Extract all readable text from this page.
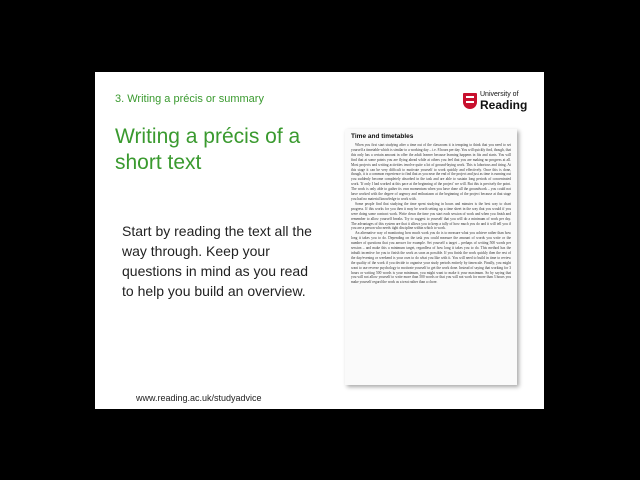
3. Writing a précis or summary	University of
Reading
Writing a précis of a short text
Start by reading the text all the way through. Keep your questions in mind as you read to help you build an overview.
Time and timetables

When you first start studying after a time out of the classroom it is tempting to think that you need to set yourself a timetable which is similar to a working day – i.e. 8 hours per day. You will quickly find, though, that this only has a certain amount in offer the adult learner because learning happens in fits and starts. You will find that at some points you are flying ahead while at others you feel that you are making no progress at all. Most projects and writing activities involve quite a lot of ground-laying work. This is laborious and tiring. At this stage it can be very difficult to motivate yourself to work quickly and effectively. Once this is done, though, it is a common experience to find that as you near the end of the project and just as time is running out you suddenly become completely absorbed in the task and are able to sustain long periods of concentrated work. 'If only I had worked at this pace at the beginning of the project' we will. But this is precisely the point. The work is only able to gather its own momentum when you have done all the groundwork – you could not have worked with the degree of urgency and enthusiasm at the beginning of the project because at that stage you had no material knowledge to work with.

Some people find that studying the time spent studying in hours and minutes is the best way to chart progress. If this works for you then it may be worth setting up a time sheet in the way that you would if you were doing some contract work. Write down the time you start each session of work and when you finish and remember to allow yourself breaks. Try to suggest to yourself that you will do a minimum of work per day. The advantages of this system are that it allows you to keep a tally of how much you do and it will tell you if you are a person who needs tight discipline within which to work.

An alternative way of monitoring how much work you do is to measure what you achieve rather than how long it takes you to do. Depending on the task you could measure the amount of words you write or the number of questions that you answer for example. Set yourself a target – perhaps of writing 500 words per session – and make this a minimum target, regardless of how long it takes you to do. This method has the inbuilt incentive for you to finish the work as soon as possible. If you finish the work quickly then the rest of the day/evening or weekend is your own to do what you like with it. You will need to build in time to review the quality of the work if you decide to organise your study periods entirely by timescale. Finally, you might want to use reverse psychology to motivate yourself to get the work done. Instead of saying that working for 3 hours or writing 500 words is your minimum, you might want to make it your maximum. So by saying that you will not allow yourself to write more than 500 words or that you will not work for more than 3 hours you make yourself regard the work as a treat rather than a chore.

www.reading.ac.uk/studyadvice
